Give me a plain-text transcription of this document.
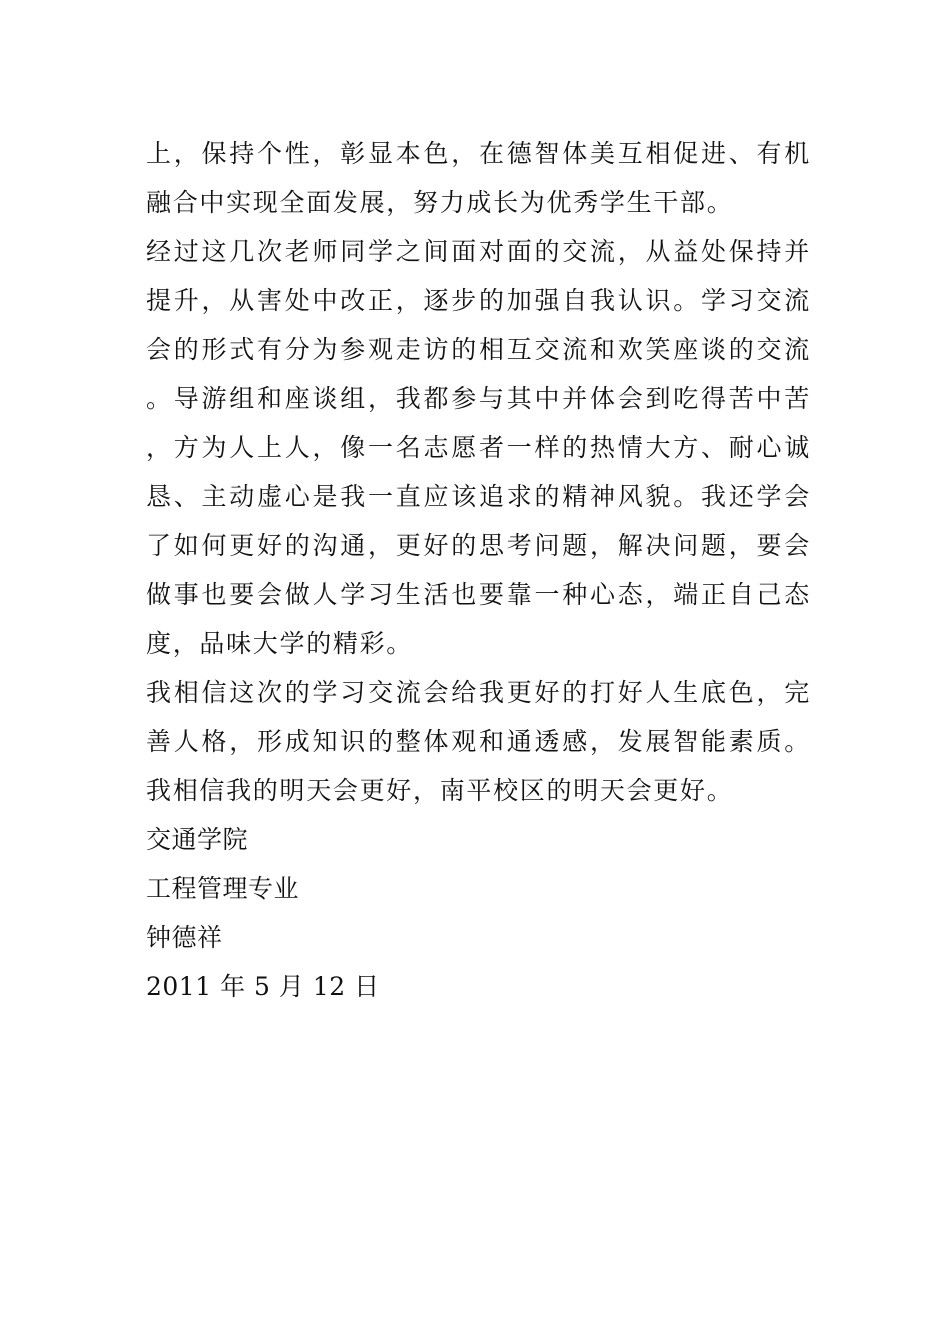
上，保持个性，彰显本色，在德智体美互相促进、有机融合中实现全面发展，努力成长为优秀学生干部。

经过这几次老师同学之间面对面的交流，从益处保持并提升，从害处中改正，逐步的加强自我认识。学习交流会的形式有分为参观走访的相互交流和欢笑座谈的交流。导游组和座谈组，我都参与其中并体会到吃得苦中苦，方为人上人，像一名志愿者一样的热情大方、耐心诚恳、主动虚心是我一直应该追求的精神风貌。我还学会了如何更好的沟通，更好的思考问题，解决问题，要会做事也要会做人学习生活也要靠一种心态，端正自己态度，品味大学的精彩。

我相信这次的学习交流会给我更好的打好人生底色，完善人格，形成知识的整体观和通透感，发展智能素质。我相信我的明天会更好，南平校区的明天会更好。

交通学院

工程管理专业

钟德祥

2011 年 5 月 12 日
